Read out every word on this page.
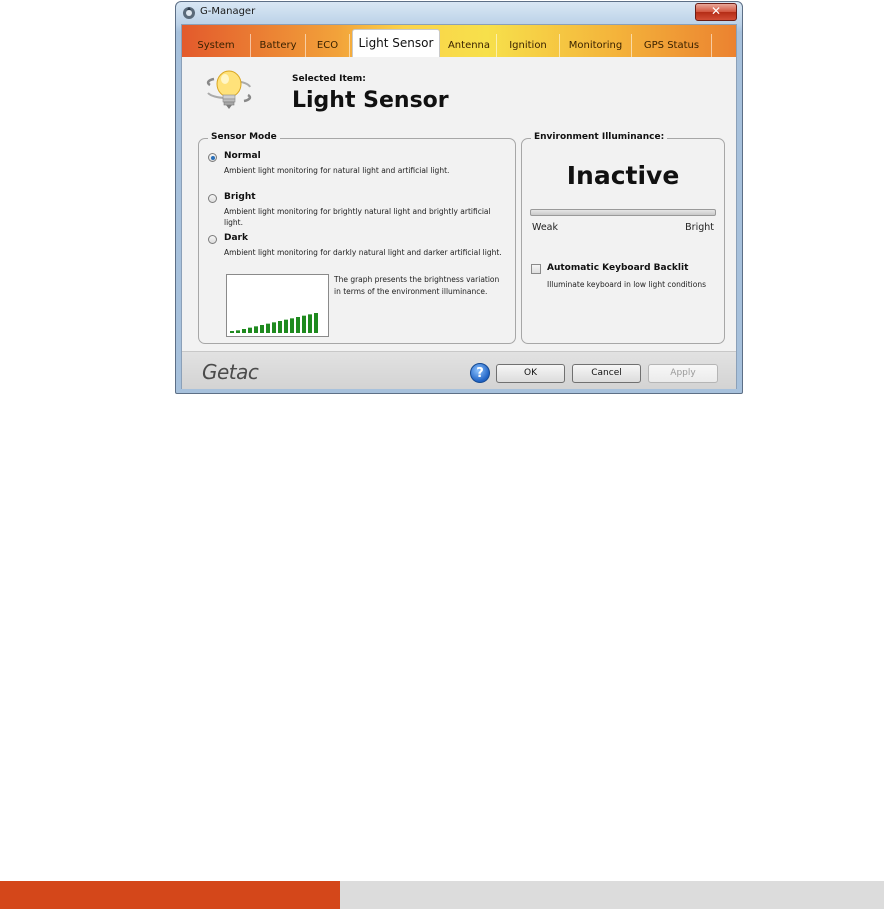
G-Manager	✕
System	Battery	ECO	Light Sensor	Antenna	Ignition	Monitoring	GPS Status
Selected Item:
Light Sensor
Sensor Mode
Normal
Ambient light monitoring for natural light and artificial light.
Bright
Ambient light monitoring for brightly natural light and brightly artificial light.
Dark
Ambient light monitoring for darkly natural light and darker artificial light.
The graph presents the brightness variation in terms of the environment illuminance.
Environment Illuminance:
Inactive
Weak	Bright
Automatic Keyboard Backlit
Illuminate keyboard in low light conditions
Getac	?	OK	Cancel	Apply
